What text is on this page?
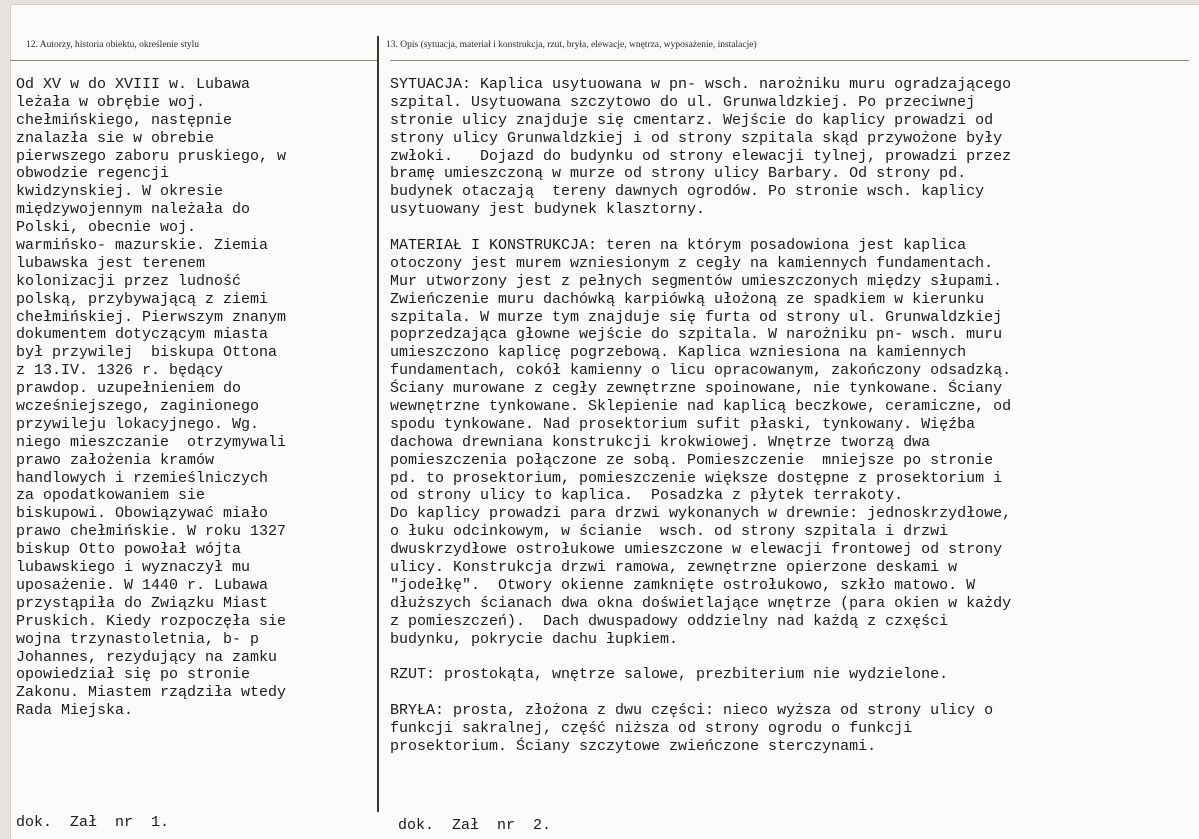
12. Autorzy, historia obiektu, określenie stylu	13. Opis (sytuacja, materiał i konstrukcja, rzut, bryła, elewacje, wnętrza, wyposażenie, instalacje)
Od XV w do XVIII w. Lubawa
leżała w obrębie woj.
chełmińskiego, następnie
znalazła sie w obrebie
pierwszego zaboru pruskiego, w
obwodzie regencji
kwidzynskiej. W okresie
międzywojennym należała do
Polski, obecnie woj.
warmińsko- mazurskie. Ziemia
lubawska jest terenem
kolonizacji przez ludność
polską, przybywającą z ziemi
chełmińskiej. Pierwszym znanym
dokumentem dotyczącym miasta
był przywilej  biskupa Ottona
z 13.IV. 1326 r. będący
prawdop. uzupełnieniem do
wcześniejszego, zaginionego
przywileju lokacyjnego. Wg.
niego mieszczanie  otrzymywali
prawo założenia kramów
handlowych i rzemieślniczych
za opodatkowaniem sie
biskupowi. Obowiązywać miało
prawo chełmińskie. W roku 1327
biskup Otto powołał wójta
lubawskiego i wyznaczył mu
uposażenie. W 1440 r. Lubawa
przystąpiła do Związku Miast
Pruskich. Kiedy rozpoczęła sie
wojna trzynastoletnia, b- p
Johannes, rezydujący na zamku
opowiedział się po stronie
Zakonu. Miastem rządziła wtedy
Rada Miejska.
SYTUACJA: Kaplica usytuowana w pn- wsch. narożniku muru ogradzającego
szpital. Usytuowana szczytowo do ul. Grunwaldzkiej. Po przeciwnej
stronie ulicy znajduje się cmentarz. Wejście do kaplicy prowadzi od
strony ulicy Grunwaldzkiej i od strony szpitala skąd przywożone były
zwłoki.   Dojazd do budynku od strony elewacji tylnej, prowadzi przez
bramę umieszczoną w murze od strony ulicy Barbary. Od strony pd.
budynek otaczają  tereny dawnych ogrodów. Po stronie wsch. kaplicy
usytuowany jest budynek klasztorny.
MATERIAŁ I KONSTRUKCJA: teren na którym posadowiona jest kaplica
otoczony jest murem wzniesionym z cegły na kamiennych fundamentach.
Mur utworzony jest z pełnych segmentów umieszczonych między słupami.
Zwieńczenie muru dachówką karpiówką ułożoną ze spadkiem w kierunku
szpitala. W murze tym znajduje się furta od strony ul. Grunwaldzkiej
poprzedzająca głowne wejście do szpitala. W narożniku pn- wsch. muru
umieszczono kaplicę pogrzebową. Kaplica wzniesiona na kamiennych
fundamentach, cokół kamienny o licu opracowanym, zakończony odsadzką.
Ściany murowane z cegły zewnętrzne spoinowane, nie tynkowane. Ściany
wewnętrzne tynkowane. Sklepienie nad kaplicą beczkowe, ceramiczne, od
spodu tynkowane. Nad prosektorium sufit płaski, tynkowany. Więźba
dachowa drewniana konstrukcji krokwiowej. Wnętrze tworzą dwa
pomieszczenia połączone ze sobą. Pomieszczenie  mniejsze po stronie
pd. to prosektorium, pomieszczenie większe dostępne z prosektorium i
od strony ulicy to kaplica.  Posadzka z płytek terrakoty.
Do kaplicy prowadzi para drzwi wykonanych w drewnie: jednoskrzydłowe,
o łuku odcinkowym, w ścianie  wsch. od strony szpitala i drzwi
dwuskrzydłowe ostrołukowe umieszczone w elewacji frontowej od strony
ulicy. Konstrukcja drzwi ramowa, zewnętrzne opierzone deskami w
"jodełkę".  Otwory okienne zamknięte ostrołukowo, szkło matowo. W
dłuższych ścianach dwa okna doświetlające wnętrze (para okien w każdy
z pomieszczeń).  Dach dwuspadowy oddzielny nad każdą z czxęści
budynku, pokrycie dachu łupkiem.
RZUT: prostokąta, wnętrze salowe, prezbiterium nie wydzielone.
BRYŁA: prosta, złożona z dwu części: nieco wyższa od strony ulicy o
funkcji sakralnej, część niższa od strony ogrodu o funkcji
prosektorium. Ściany szczytowe zwieńczone sterczynami.
dok.  Zał  nr  1.	dok.  Zał  nr  2.
